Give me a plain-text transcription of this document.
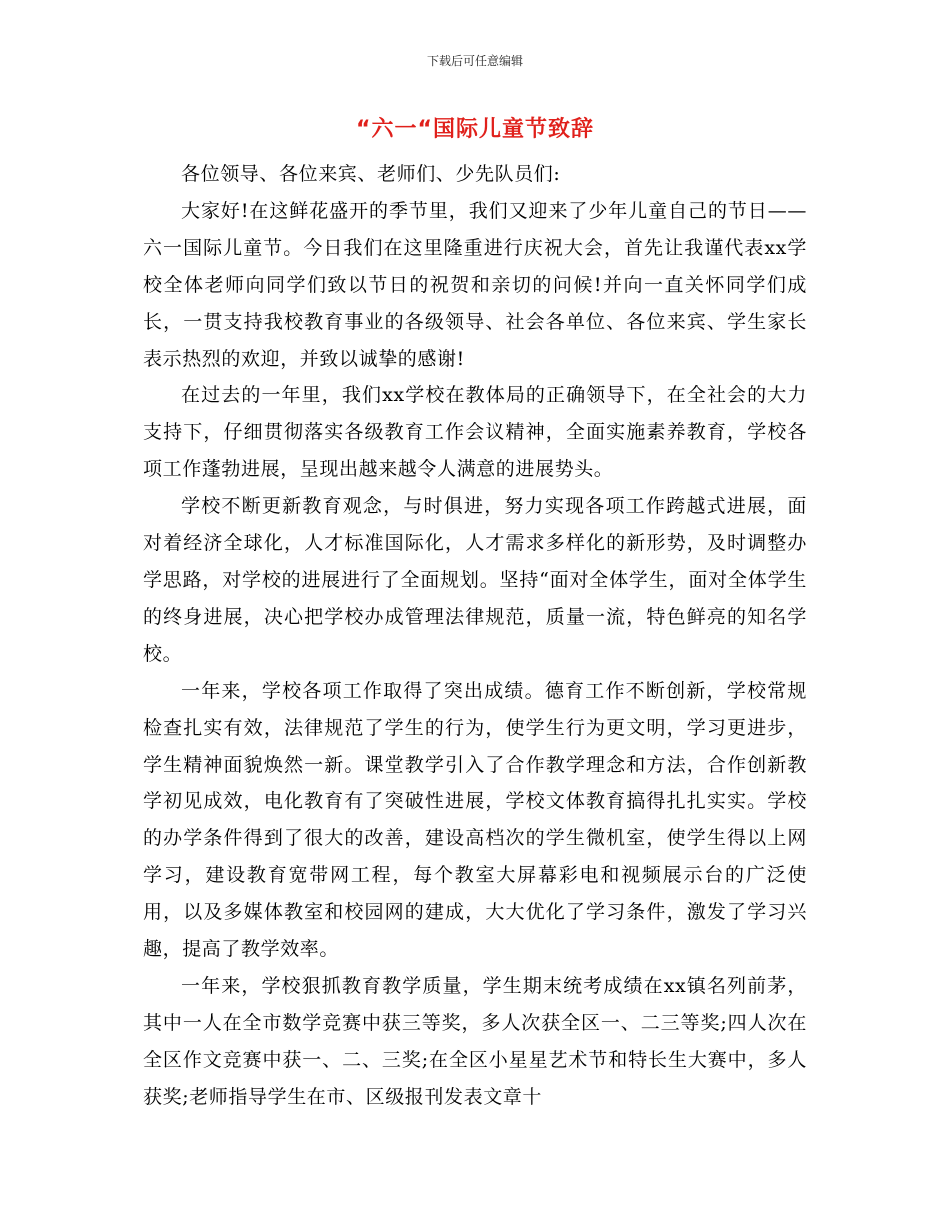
下载后可任意编辑
“六一“国际儿童节致辞

各位领导、各位来宾、老师们、少先队员们:

大家好!在这鲜花盛开的季节里，我们又迎来了少年儿童自己的节日——六一国际儿童节。今日我们在这里隆重进行庆祝大会，首先让我谨代表xx学校全体老师向同学们致以节日的祝贺和亲切的问候!并向一直关怀同学们成长，一贯支持我校教育事业的各级领导、社会各单位、各位来宾、学生家长表示热烈的欢迎，并致以诚挚的感谢!

在过去的一年里，我们xx学校在教体局的正确领导下，在全社会的大力支持下，仔细贯彻落实各级教育工作会议精神，全面实施素养教育，学校各项工作蓬勃进展，呈现出越来越令人满意的进展势头。

学校不断更新教育观念，与时俱进，努力实现各项工作跨越式进展，面对着经济全球化，人才标准国际化，人才需求多样化的新形势，及时调整办学思路，对学校的进展进行了全面规划。坚持“面对全体学生，面对全体学生的终身进展，决心把学校办成管理法律规范，质量一流，特色鲜亮的知名学校。

一年来，学校各项工作取得了突出成绩。德育工作不断创新，学校常规检查扎实有效，法律规范了学生的行为，使学生行为更文明，学习更进步，学生精神面貌焕然一新。课堂教学引入了合作教学理念和方法，合作创新教学初见成效，电化教育有了突破性进展，学校文体教育搞得扎扎实实。学校的办学条件得到了很大的改善，建设高档次的学生微机室，使学生得以上网学习，建设教育宽带网工程，每个教室大屏幕彩电和视频展示台的广泛使用，以及多媒体教室和校园网的建成，大大优化了学习条件，激发了学习兴趣，提高了教学效率。

一年来，学校狠抓教育教学质量，学生期末统考成绩在xx镇名列前茅，其中一人在全市数学竞赛中获三等奖，多人次获全区一、二三等奖;四人次在全区作文竞赛中获一、二、三奖;在全区小星星艺术节和特长生大赛中，多人获奖;老师指导学生在市、区级报刊发表文章十
